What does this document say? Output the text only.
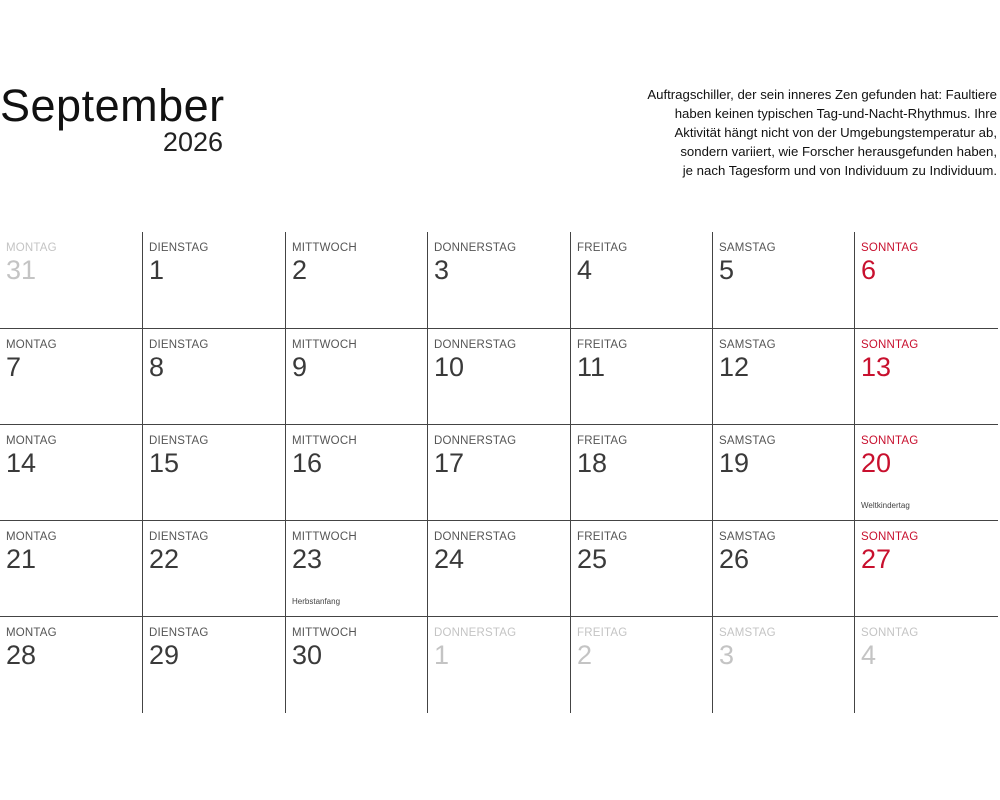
September
2026
Auftragschiller, der sein inneres Zen gefunden hat: Faultiere
haben keinen typischen Tag-und-Nacht-Rhythmus. Ihre
Aktivität hängt nicht von der Umgebungstemperatur ab,
sondern variiert, wie Forscher herausgefunden haben,
je nach Tagesform und von Individuum zu Individuum.
MONTAG
31
DIENSTAG
1
MITTWOCH
2
DONNERSTAG
3
FREITAG
4
SAMSTAG
5
SONNTAG
6
MONTAG
7
DIENSTAG
8
MITTWOCH
9
DONNERSTAG
10
FREITAG
11
SAMSTAG
12
SONNTAG
13
MONTAG
14
DIENSTAG
15
MITTWOCH
16
DONNERSTAG
17
FREITAG
18
SAMSTAG
19
SONNTAG
20
Weltkindertag
MONTAG
21
DIENSTAG
22
MITTWOCH
23
Herbstanfang
DONNERSTAG
24
FREITAG
25
SAMSTAG
26
SONNTAG
27
MONTAG
28
DIENSTAG
29
MITTWOCH
30
DONNERSTAG
1
FREITAG
2
SAMSTAG
3
SONNTAG
4
